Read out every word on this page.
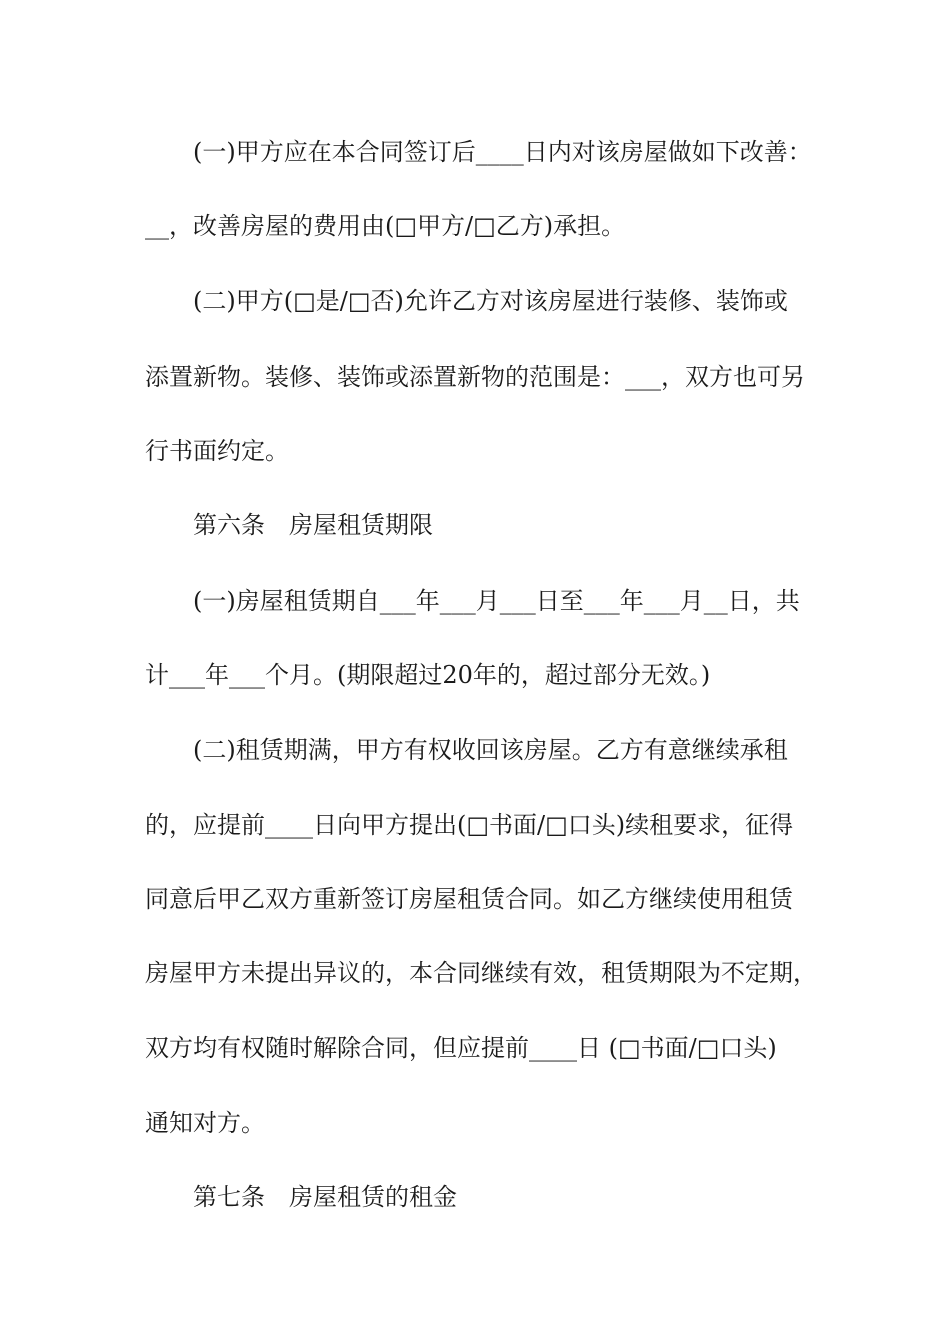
(一)甲方应在本合同签订后____日内对该房屋做如下改善：

__，改善房屋的费用由(□甲方/□乙方)承担。

(二)甲方(□是/□否)允许乙方对该房屋进行装修、装饰或

添置新物。装修、装饰或添置新物的范围是：___，双方也可另

行书面约定。

第六条　房屋租赁期限

(一)房屋租赁期自___年___月___日至___年___月__日，共

计___年___个月。(期限超过20年的，超过部分无效。)

(二)租赁期满，甲方有权收回该房屋。乙方有意继续承租

的，应提前____日向甲方提出(□书面/□口头)续租要求，征得

同意后甲乙双方重新签订房屋租赁合同。如乙方继续使用租赁

房屋甲方未提出异议的，本合同继续有效，租赁期限为不定期，

双方均有权随时解除合同，但应提前____日 (□书面/□口头)

通知对方。

第七条　房屋租赁的租金
